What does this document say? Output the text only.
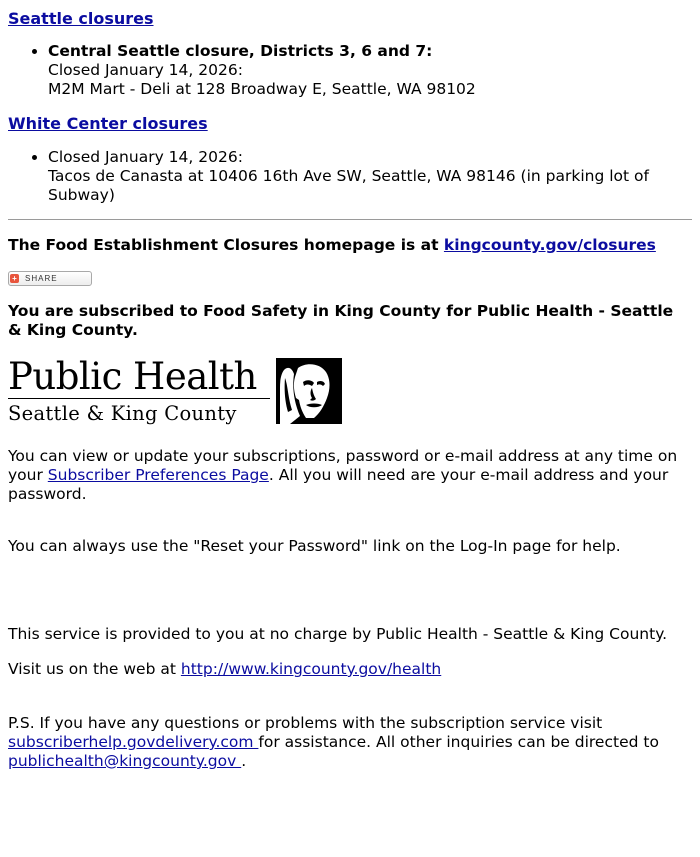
Seattle closures
• Central Seattle closure, Districts 3, 6 and 7:
Closed January 14, 2026:
M2M Mart - Deli at 128 Broadway E, Seattle, WA 98102
White Center closures
• Closed January 14, 2026:
Tacos de Canasta at 10406 16th Ave SW, Seattle, WA 98146 (in parking lot of Subway)
The Food Establishment Closures homepage is at kingcounty.gov/closures
+ SHARE
You are subscribed to Food Safety in King County for Public Health - Seattle & King County.
Public Health
Seattle & King County

You can view or update your subscriptions, password or e-mail address at any time on your Subscriber Preferences Page. All you will need are your e-mail address and your password.

You can always use the "Reset your Password" link on the Log-In page for help.

This service is provided to you at no charge by Public Health - Seattle & King County.

Visit us on the web at http://www.kingcounty.gov/health

P.S. If you have any questions or problems with the subscription service visit subscriberhelp.govdelivery.com for assistance. All other inquiries can be directed to publichealth@kingcounty.gov .
